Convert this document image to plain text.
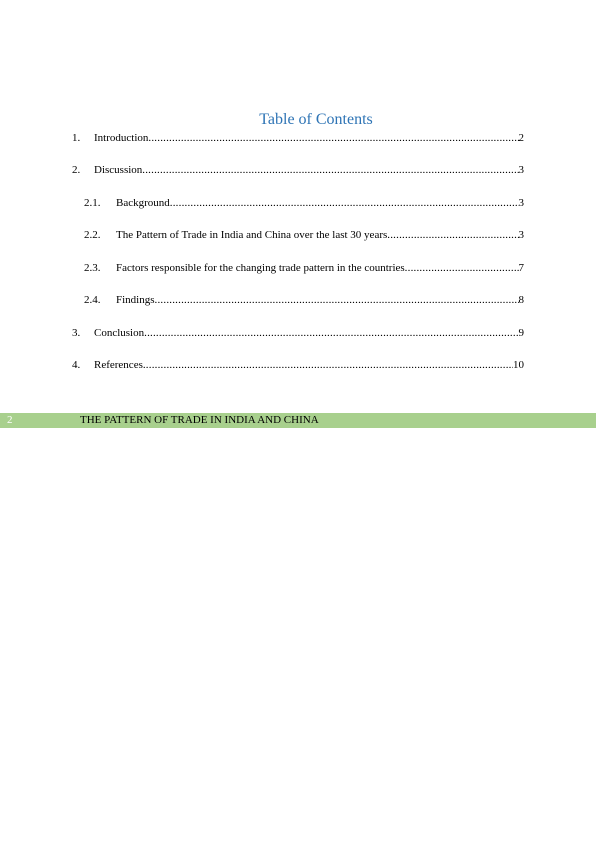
Table of Contents
1.	Introduction .....	2
2.	Discussion .....	3
2.1.	Background .....	3
2.2.	The Pattern of Trade in India and China over the last 30 years .....	3
2.3.	Factors responsible for the changing trade pattern in the countries .....	7
2.4.	Findings .....	8
3.	Conclusion .....	9
4.	References .....	10
2	THE PATTERN OF TRADE IN INDIA AND CHINA
